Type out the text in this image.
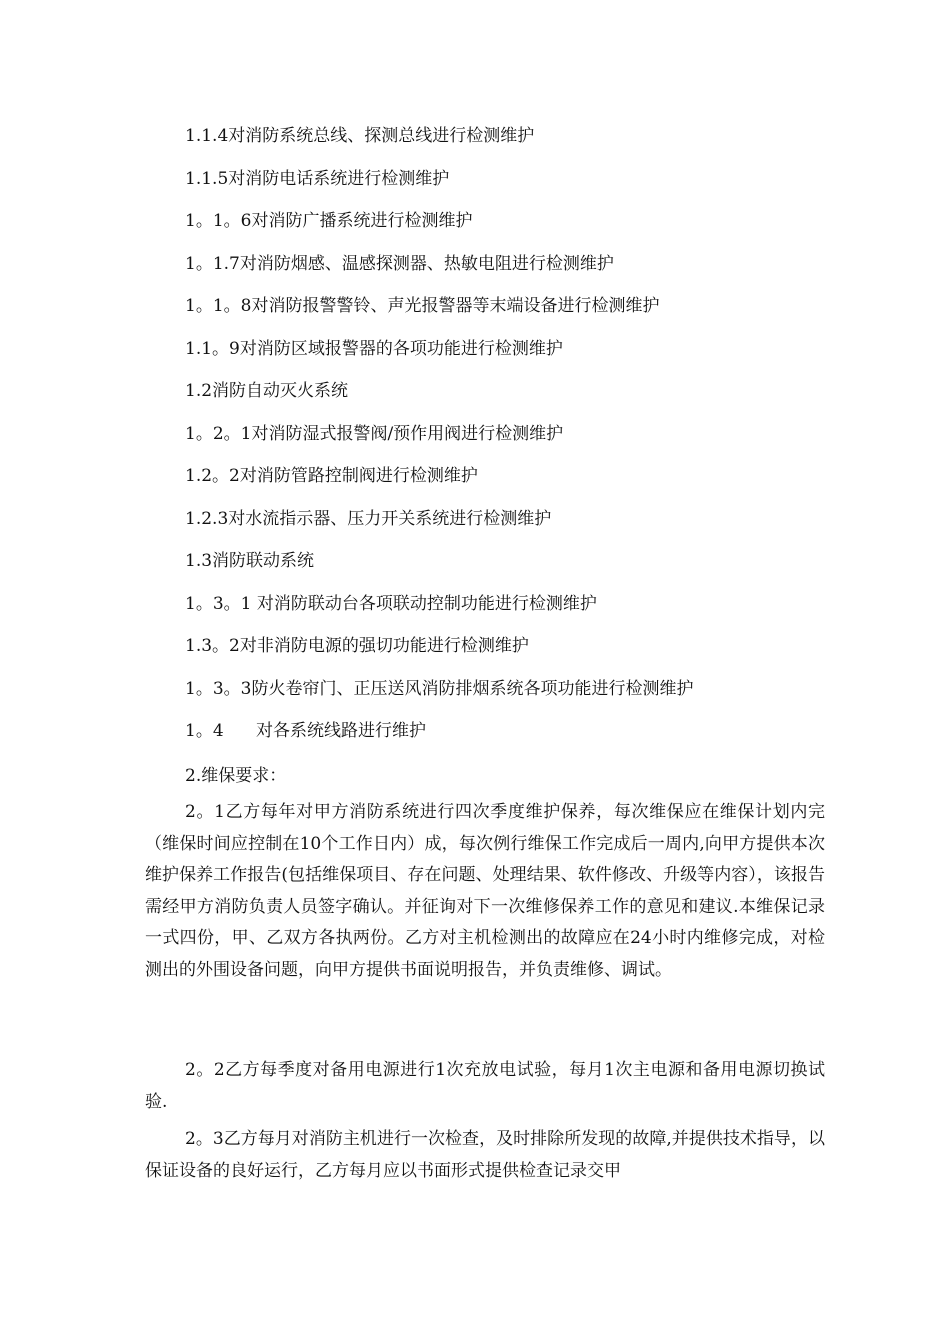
1.1.4对消防系统总线、探测总线进行检测维护
1.1.5对消防电话系统进行检测维护
1。1。6对消防广播系统进行检测维护
1。1.7对消防烟感、温感探测器、热敏电阻进行检测维护
1。1。8对消防报警警铃、声光报警器等末端设备进行检测维护
1.1。9对消防区域报警器的各项功能进行检测维护
1.2消防自动灭火系统
1。2。1对消防湿式报警阀/预作用阀进行检测维护
1.2。2对消防管路控制阀进行检测维护
1.2.3对水流指示器、压力开关系统进行检测维护
1.3消防联动系统
1。3。1 对消防联动台各项联动控制功能进行检测维护
1.3。2对非消防电源的强切功能进行检测维护
1。3。3防火卷帘门、正压送风消防排烟系统各项功能进行检测维护
1。4      对各系统线路进行维护
2.维保要求：

2。1乙方每年对甲方消防系统进行四次季度维护保养，每次维保应在维保计划内完（维保时间应控制在10个工作日内）成，每次例行维保工作完成后一周内,向甲方提供本次维护保养工作报告(包括维保项目、存在问题、处理结果、软件修改、升级等内容），该报告需经甲方消防负责人员签字确认。并征询对下一次维修保养工作的意见和建议.本维保记录一式四份，甲、乙双方各执两份。乙方对主机检测出的故障应在24小时内维修完成，对检测出的外围设备问题，向甲方提供书面说明报告，并负责维修、调试。

2。2乙方每季度对备用电源进行1次充放电试验，每月1次主电源和备用电源切换试验.

2。3乙方每月对消防主机进行一次检查，及时排除所发现的故障,并提供技术指导，以保证设备的良好运行，乙方每月应以书面形式提供检查记录交甲
